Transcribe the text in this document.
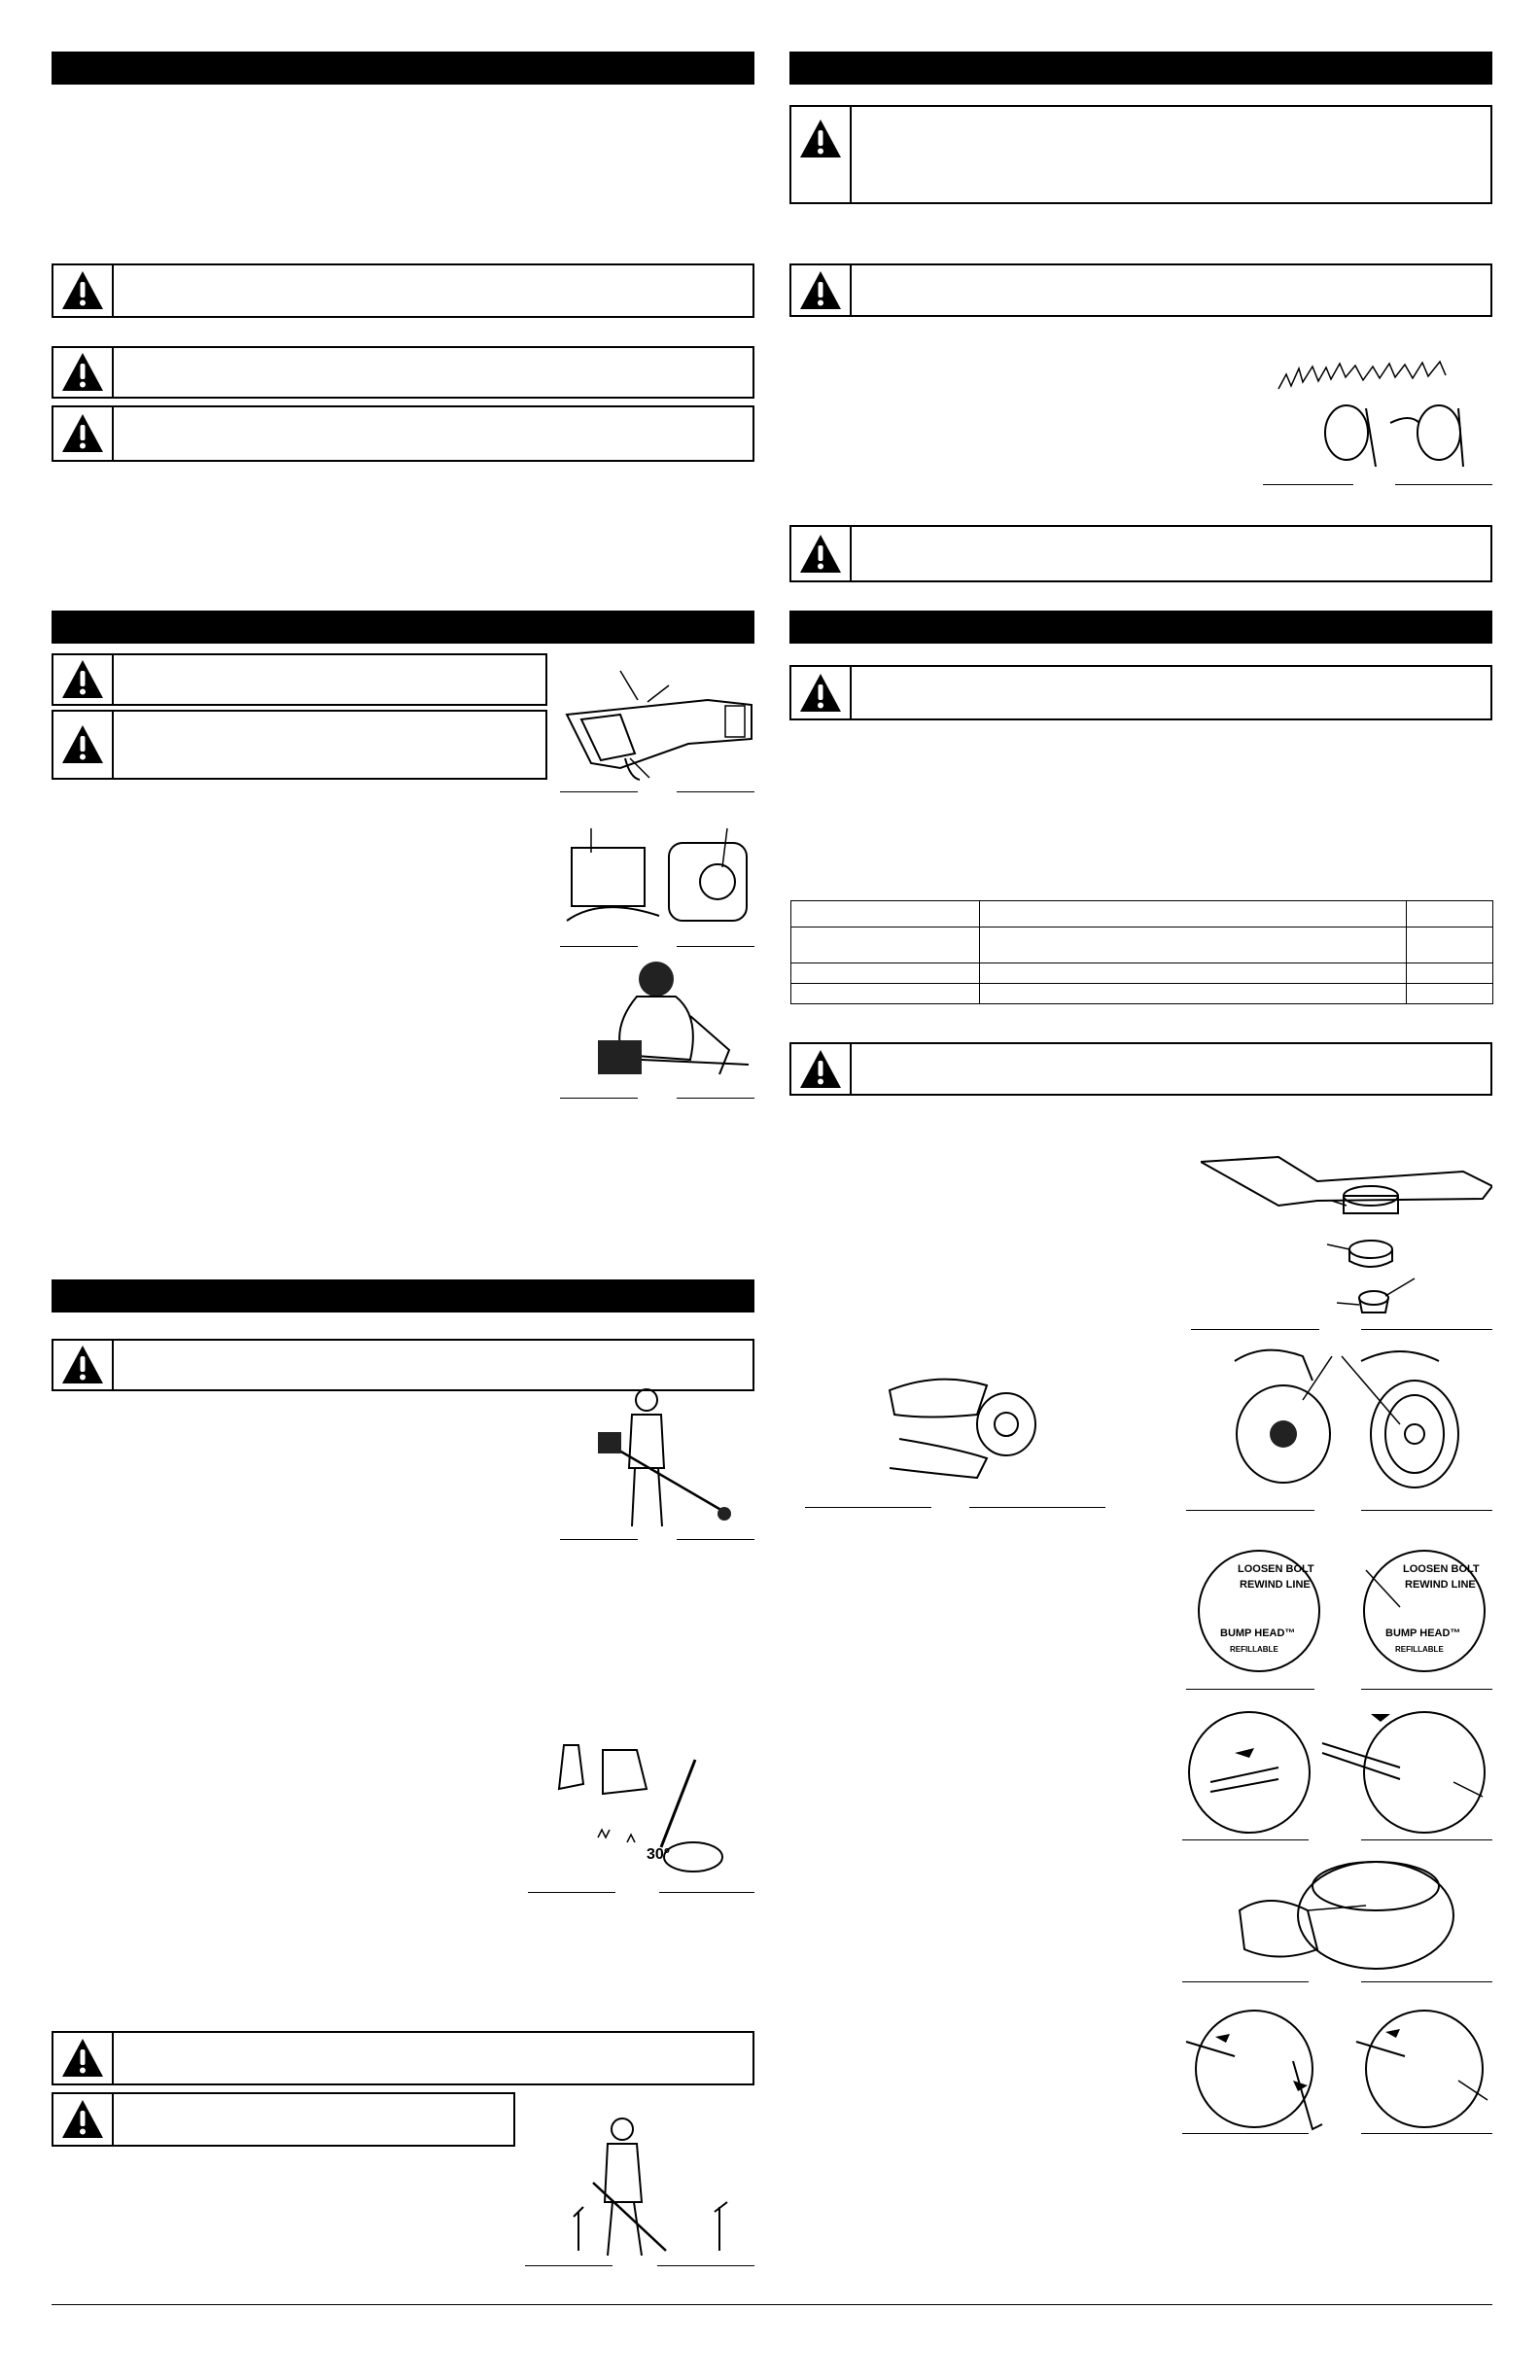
30°

LOOSEN BOLT
REWIND LINE
BUMP HEAD™
REFILLABLE
LOOSEN BOLT
REWIND LINE
BUMP HEAD™
REFILLABLE
